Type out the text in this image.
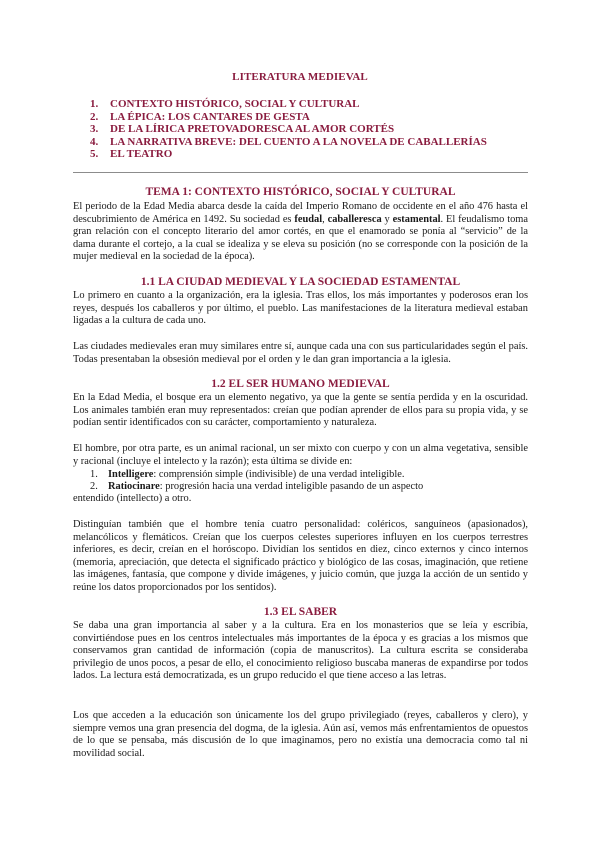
LITERATURA MEDIEVAL
1.	CONTEXTO HISTÓRICO, SOCIAL Y CULTURAL
2.	LA ÉPICA: LOS CANTARES DE GESTA
3.	DE LA LÍRICA PRETOVADORESCA AL AMOR CORTÉS
4.	LA NARRATIVA BREVE: DEL CUENTO A LA NOVELA DE CABALLERÍAS
5.	EL TEATRO
TEMA 1: CONTEXTO HISTÓRICO, SOCIAL Y CULTURAL

El periodo de la Edad Media abarca desde la caída del Imperio Romano de occidente en el año 476 hasta el descubrimiento de América en 1492. Su sociedad es feudal, caballeresca y estamental. El feudalismo toma gran relación con el concepto literario del amor cortés, en que el enamorado se ponía al “servicio” de la dama durante el cortejo, a la cual se idealiza y se eleva su posición (no se corresponde con la posición de la mujer medieval en la sociedad de la época).

1.1 LA CIUDAD MEDIEVAL Y LA SOCIEDAD ESTAMENTAL

Lo primero en cuanto a la organización, era la iglesia. Tras ellos, los más importantes y poderosos eran los reyes, después los caballeros y por último, el pueblo. Las manifestaciones de la literatura medieval estaban ligadas a la cultura de cada uno.

Las ciudades medievales eran muy similares entre sí, aunque cada una con sus particularidades según el país. Todas presentaban la obsesión medieval por el orden y le dan gran importancia a la iglesia.

1.2 EL SER HUMANO MEDIEVAL

En la Edad Media, el bosque era un elemento negativo, ya que la gente se sentía perdida y en la oscuridad. Los animales también eran muy representados: creían que podían aprender de ellos para su propia vida, y se podían sentir identificados con su carácter, comportamiento y naturaleza.

El hombre, por otra parte, es un animal racional, un ser mixto con cuerpo y con un alma vegetativa, sensible y racional (incluye el intelecto y la razón); esta última se divide en:

1. Intelligere: comprensión simple (indivisible) de una verdad inteligible.
2. Ratiocinare: progresión hacia una verdad inteligible pasando de un aspecto

entendido (intellecto) a otro.

Distinguían también que el hombre tenía cuatro personalidad: coléricos, sanguíneos (apasionados), melancólicos y flemáticos. Creían que los cuerpos celestes superiores influyen en los cuerpos terrestres inferiores, es decir, creían en el horóscopo. Dividían los sentidos en diez, cinco externos y cinco internos (memoria, apreciación, que detecta el significado práctico y biológico de las cosas, imaginación, que retiene las imágenes, fantasía, que compone y divide imágenes, y juicio común, que juzga la acción de un sentido y reúne los datos proporcionados por los sentidos).

1.3 EL SABER

Se daba una gran importancia al saber y a la cultura. Era en los monasterios que se leía y escribía, convirtiéndose pues en los centros intelectuales más importantes de la época y es gracias a los mismos que conservamos gran cantidad de información (copia de manuscritos). La cultura escrita se consideraba privilegio de unos pocos, a pesar de ello, el conocimiento religioso buscaba maneras de expandirse por todos lados. La lectura está democratizada, es un grupo reducido el que tiene acceso a las letras.

Los que acceden a la educación son únicamente los del grupo privilegiado (reyes, caballeros y clero), y siempre vemos una gran presencia del dogma, de la iglesia. Aún así, vemos más enfrentamientos de opuestos de lo que se pensaba, más discusión de lo que imaginamos, pero no existía una democracia como tal ni movilidad social.
